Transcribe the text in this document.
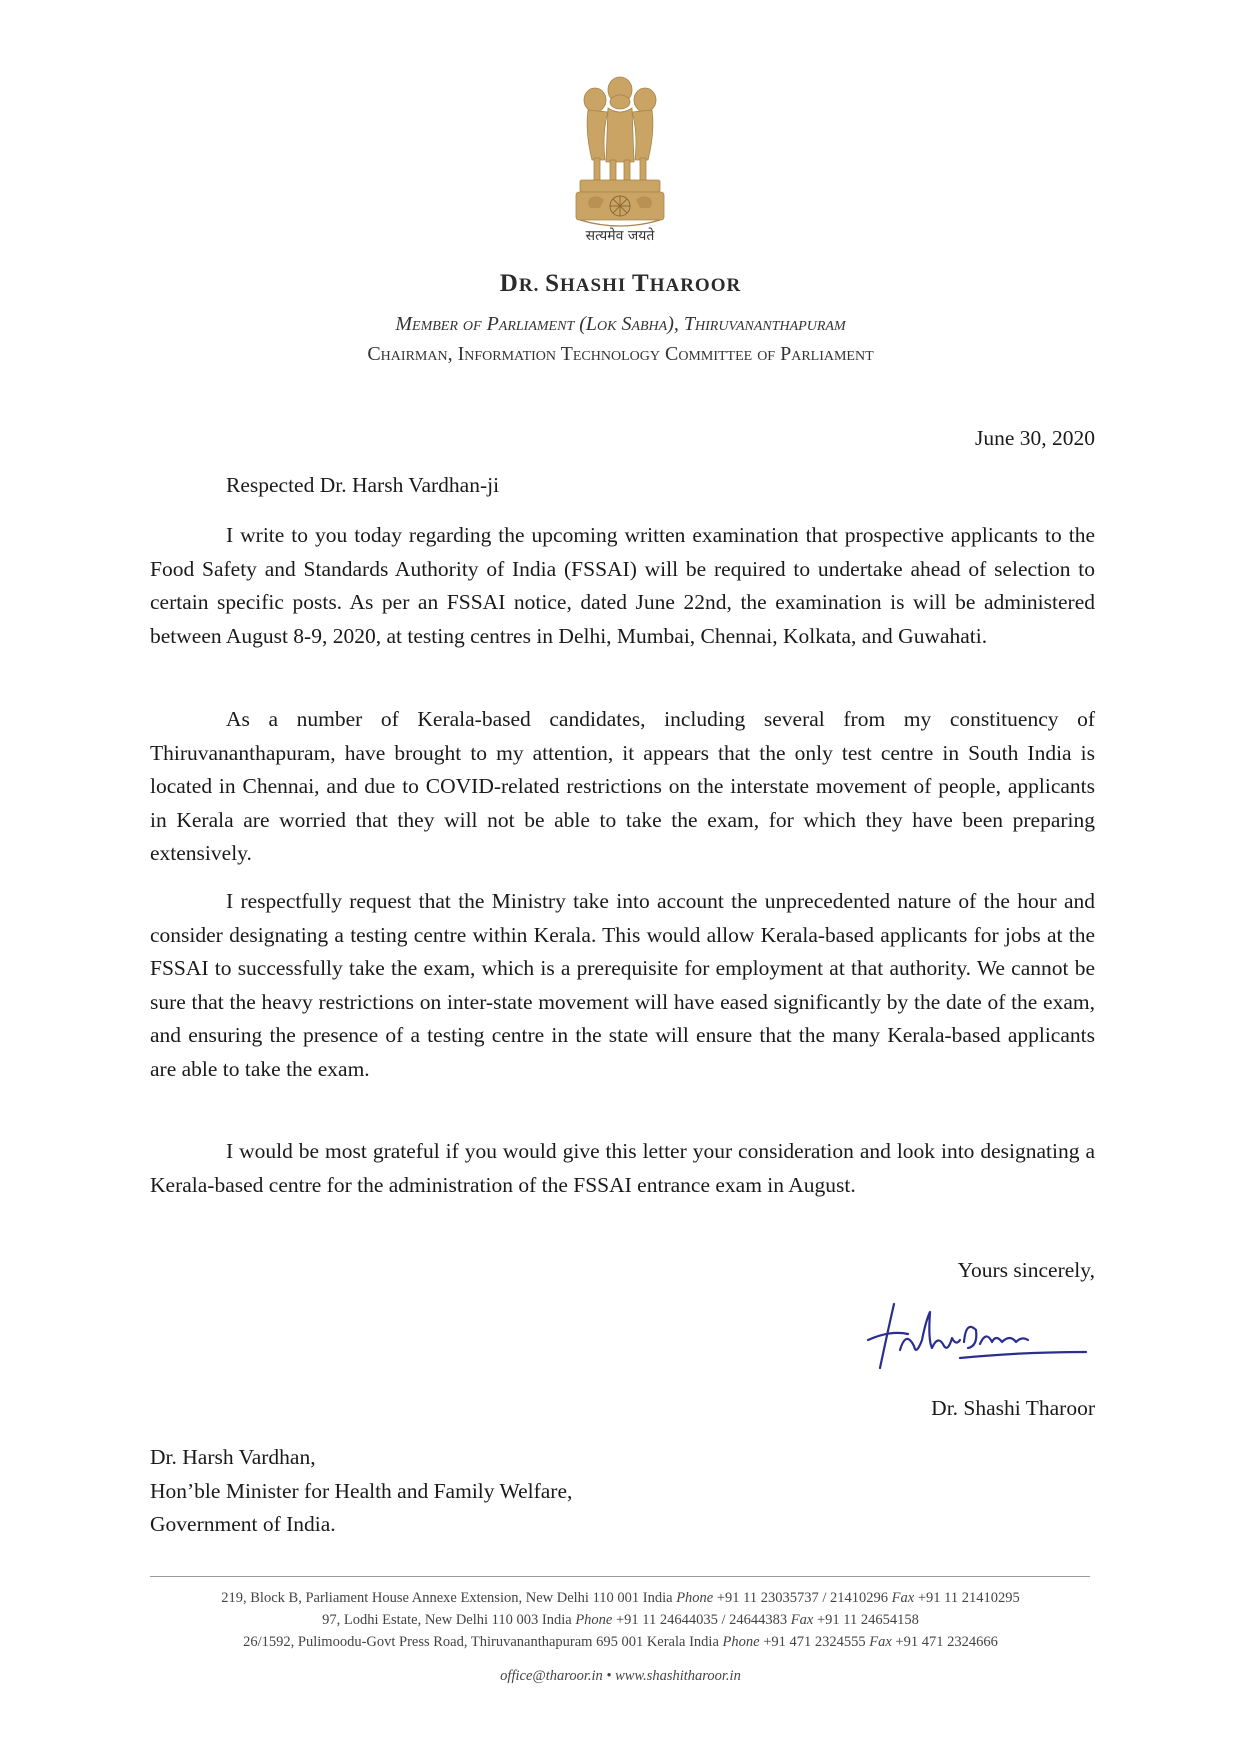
सत्यमेव जयते
DR. SHASHI THAROOR
Member of Parliament (Lok Sabha), Thiruvananthapuram
Chairman, Information Technology Committee of Parliament
June 30, 2020
Respected Dr. Harsh Vardhan-ji
I write to you today regarding the upcoming written examination that prospective applicants to the Food Safety and Standards Authority of India (FSSAI) will be required to undertake ahead of selection to certain specific posts. As per an FSSAI notice, dated June 22nd, the examination is will be administered between August 8-9, 2020, at testing centres in Delhi, Mumbai, Chennai, Kolkata, and Guwahati.
As a number of Kerala-based candidates, including several from my constituency of Thiruvananthapuram, have brought to my attention, it appears that the only test centre in South India is located in Chennai, and due to COVID-related restrictions on the interstate movement of people, applicants in Kerala are worried that they will not be able to take the exam, for which they have been preparing extensively.
I respectfully request that the Ministry take into account the unprecedented nature of the hour and consider designating a testing centre within Kerala. This would allow Kerala-based applicants for jobs at the FSSAI to successfully take the exam, which is a prerequisite for employment at that authority. We cannot be sure that the heavy restrictions on inter-state movement will have eased significantly by the date of the exam, and ensuring the presence of a testing centre in the state will ensure that the many Kerala-based applicants are able to take the exam.
I would be most grateful if you would give this letter your consideration and look into designating a Kerala-based centre for the administration of the FSSAI entrance exam in August.
Yours sincerely,
Dr. Shashi Tharoor
Dr. Harsh Vardhan,
Hon’ble Minister for Health and Family Welfare,
Government of India.
219, Block B, Parliament House Annexe Extension, New Delhi 110 001 India Phone +91 11 23035737 / 21410296 Fax +91 11 21410295
97, Lodhi Estate, New Delhi 110 003 India Phone +91 11 24644035 / 24644383 Fax +91 11 24654158
26/1592, Pulimoodu-Govt Press Road, Thiruvananthapuram 695 001 Kerala India Phone +91 471 2324555 Fax +91 471 2324666
office@tharoor.in • www.shashitharoor.in
